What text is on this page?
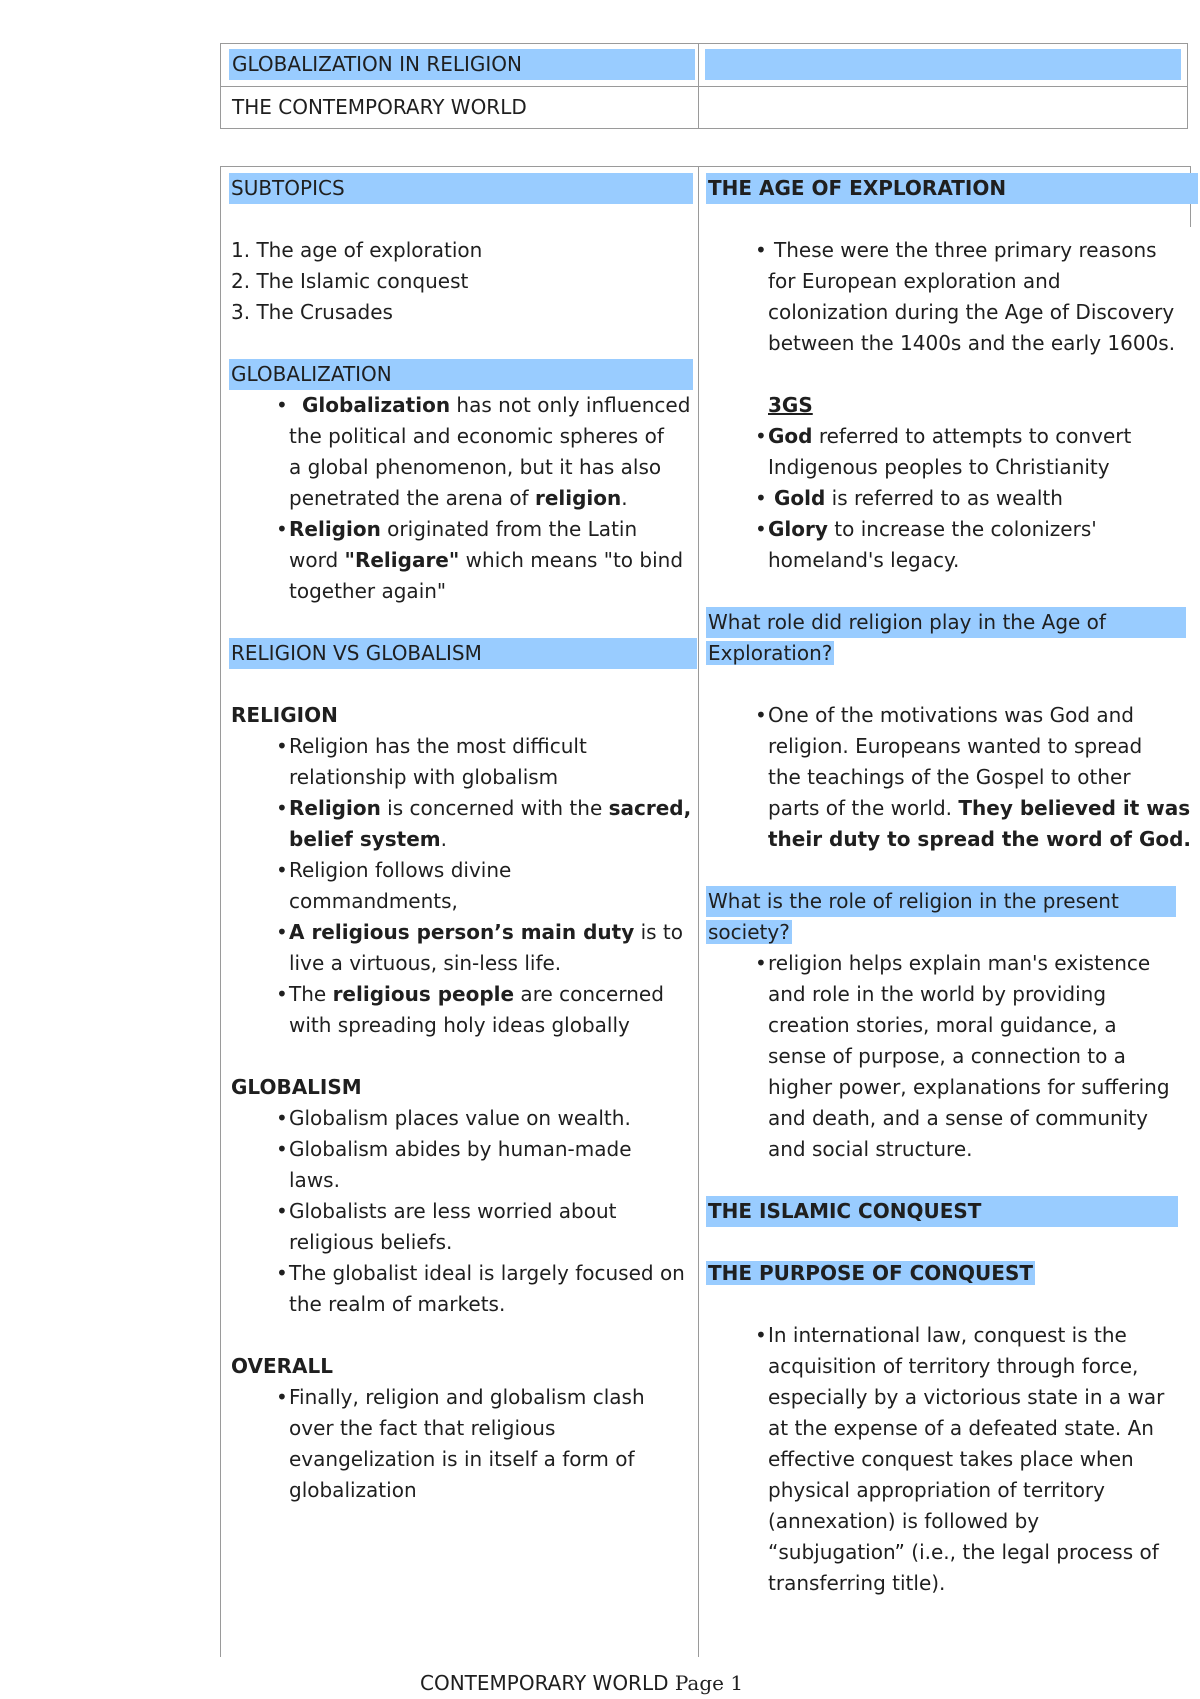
GLOBALIZATION IN RELIGION
THE CONTEMPORARY WORLD
SUBTOPICS
1. The age of exploration
2. The Islamic conquest
3. The Crusades
GLOBALIZATION
• Globalization has not only influenced
the political and economic spheres of
a global phenomenon, but it has also
penetrated the arena of religion.
• Religion originated from the Latin
word "Religare" which means "to bind
together again"
RELIGION VS GLOBALISM
RELIGION
• Religion has the most difficult
relationship with globalism
• Religion is concerned with the sacred,
belief system.
• Religion follows divine
commandments,
• A religious person’s main duty is to
live a virtuous, sin-less life.
• The religious people are concerned
with spreading holy ideas globally
GLOBALISM
• Globalism places value on wealth.
• Globalism abides by human-made
laws.
• Globalists are less worried about
religious beliefs.
• The globalist ideal is largely focused on
the realm of markets.
OVERALL
• Finally, religion and globalism clash
over the fact that religious
evangelization is in itself a form of
globalization
THE AGE OF EXPLORATION
• These were the three primary reasons
for European exploration and
colonization during the Age of Discovery
between the 1400s and the early 1600s.
3GS
• God referred to attempts to convert
Indigenous peoples to Christianity
• Gold is referred to as wealth
• Glory to increase the colonizers'
homeland's legacy.
What role did religion play in the Age of
Exploration?
• One of the motivations was God and
religion. Europeans wanted to spread
the teachings of the Gospel to other
parts of the world. They believed it was
their duty to spread the word of God.
What is the role of religion in the present
society?
• religion helps explain man's existence
and role in the world by providing
creation stories, moral guidance, a
sense of purpose, a connection to a
higher power, explanations for suffering
and death, and a sense of community
and social structure.
THE ISLAMIC CONQUEST
THE PURPOSE OF CONQUEST
• In international law, conquest is the
acquisition of territory through force,
especially by a victorious state in a war
at the expense of a defeated state. An
effective conquest takes place when
physical appropriation of territory
(annexation) is followed by
“subjugation” (i.e., the legal process of
transferring title).
CONTEMPORARY WORLD Page 1
